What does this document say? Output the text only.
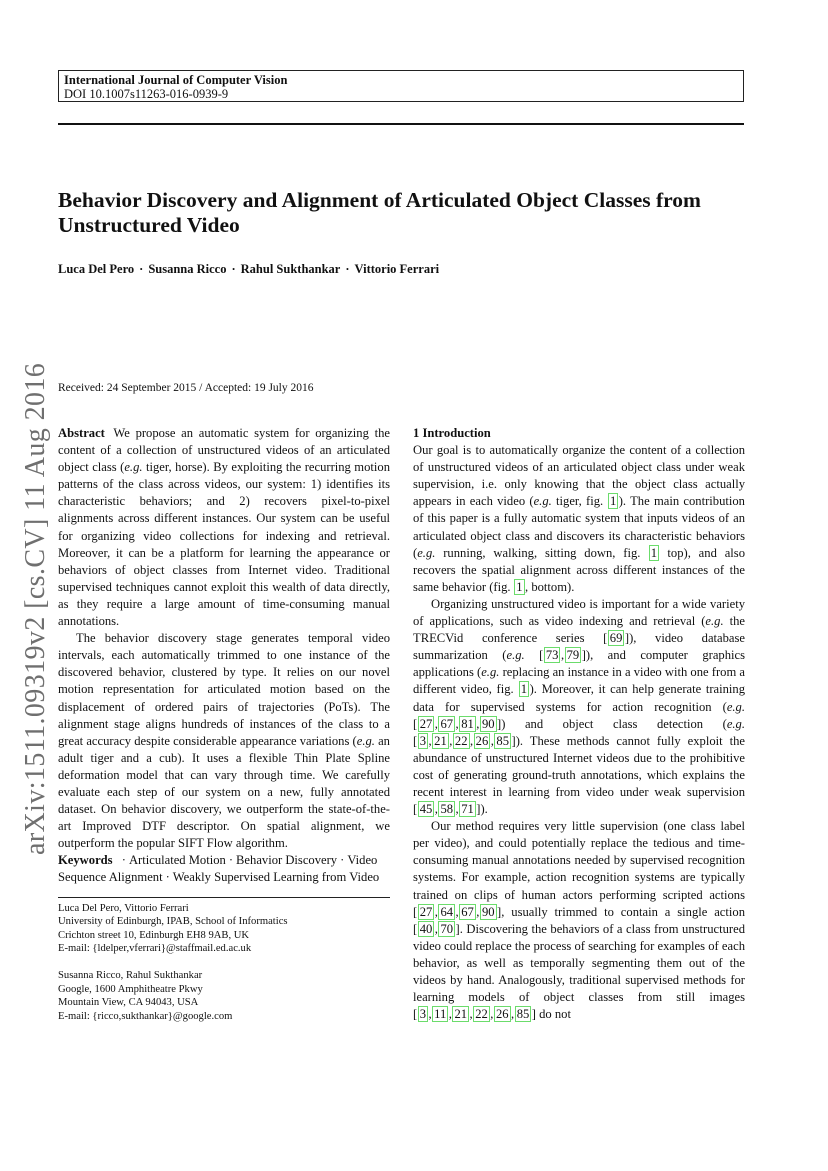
International Journal of Computer Vision
DOI 10.1007s11263-016-0939-9
Behavior Discovery and Alignment of Articulated Object Classes from
Unstructured Video

Luca Del Pero · Susanna Ricco · Rahul Sukthankar · Vittorio Ferrari

arXiv:1511.09319v2 [cs.CV] 11 Aug 2016 Received: 24 September 2015 / Accepted: 19 July 2016

Abstract We propose an automatic system for organizing the content of a collection of unstructured videos of an articulated object class (e.g. tiger, horse). By exploiting the recurring motion patterns of the class across videos, our system: 1) identifies its characteristic behaviors; and 2) recovers pixel-to-pixel alignments across different instances. Our system can be useful for organizing video collections for indexing and retrieval. Moreover, it can be a platform for learning the appearance or behaviors of object classes from Internet video. Traditional supervised techniques cannot exploit this wealth of data directly, as they require a large amount of time-consuming manual annotations.

The behavior discovery stage generates temporal video intervals, each automatically trimmed to one instance of the discovered behavior, clustered by type. It relies on our novel motion representation for articulated motion based on the displacement of ordered pairs of trajectories (PoTs). The alignment stage aligns hundreds of instances of the class to a great accuracy despite considerable appearance variations (e.g. an adult tiger and a cub). It uses a flexible Thin Plate Spline deformation model that can vary through time. We carefully evaluate each step of our system on a new, fully annotated dataset. On behavior discovery, we outperform the state-of-the-art Improved DTF descriptor. On spatial alignment, we outperform the popular SIFT Flow algorithm.

Keywords · Articulated Motion · Behavior Discovery · Video Sequence Alignment · Weakly Supervised Learning from Video

Luca Del Pero, Vittorio Ferrari
University of Edinburgh, IPAB, School of Informatics
Crichton street 10, Edinburgh EH8 9AB, UK
E-mail: {ldelper,vferrari}@staffmail.ed.ac.uk
Susanna Ricco, Rahul Sukthankar
Google, 1600 Amphitheatre Pkwy
Mountain View, CA 94043, USA
E-mail: {ricco,sukthankar}@google.com

1 Introduction

Our goal is to automatically organize the content of a collection of unstructured videos of an articulated object class under weak supervision, i.e. only knowing that the object class actually appears in each video (e.g. tiger, fig. 1 ). The main contribution of this paper is a fully automatic system that inputs videos of an articulated object class and discovers its characteristic behaviors (e.g. running, walking, sitting down, fig. 1 top), and also recovers the spatial alignment across different instances of the same behavior (fig. 1 , bottom).

Organizing unstructured video is important for a wide variety of applications, such as video indexing and retrieval (e.g. the TRECVid conference series [ 69 ]), video database summarization (e.g. [ 73 , 79 ]), and computer graphics applications (e.g. replacing an instance in a video with one from a different video, fig. 1 ). Moreover, it can help generate training data for supervised systems for action recognition (e.g. [ 27 , 67 , 81 , 90 ]) and object class detection (e.g. [ 3 , 21 , 22 , 26 , 85 ]). These methods cannot fully exploit the abundance of unstructured Internet videos due to the prohibitive cost of generating ground-truth annotations, which explains the recent interest in learning from video under weak supervision [ 45 , 58 , 71 ]).

Our method requires very little supervision (one class label per video), and could potentially replace the tedious and time-consuming manual annotations needed by supervised recognition systems. For example, action recognition systems are typically trained on clips of human actors performing scripted actions [ 27 , 64 , 67 , 90 ], usually trimmed to contain a single action [ 40 , 70 ]. Discovering the behaviors of a class from unstructured video could replace the process of searching for examples of each behavior, as well as temporally segmenting them out of the videos by hand. Analogously, traditional supervised methods for learning models of object classes from still images [ 3 , 11 , 21 , 22 , 26 , 85 ] do not
